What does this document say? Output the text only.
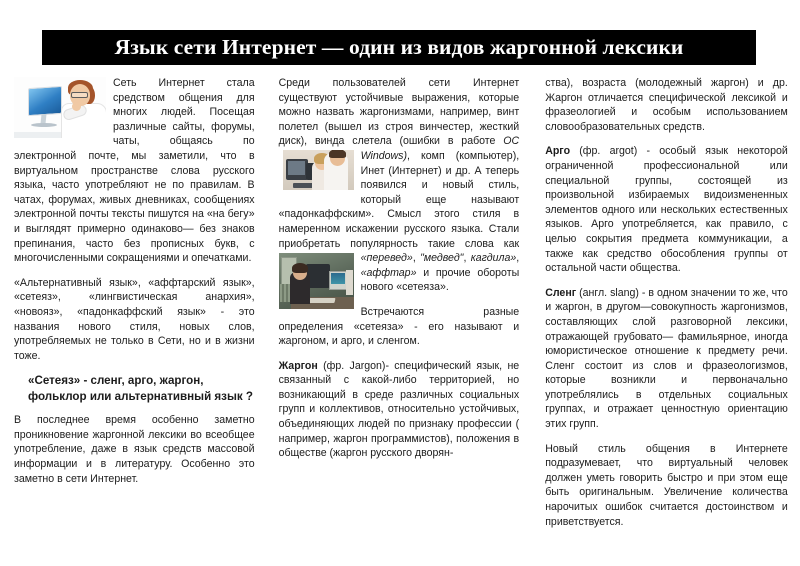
Язык сети Интернет — один из видов жаргонной лексики

Сеть Интернет стала средством общения для многих людей. Посещая различные сайты, форумы, чаты, общаясь по электронной почте, мы заметили, что в виртуальном пространстве слова русского языка, часто употребляют не по правилам. В чатах, форумах, живых дневниках, сообщениях электронной почты тексты пишутся на «на бегу» и выглядят примерно одинаково— без знаков препинания, часто без прописных букв, с многочисленными сокращениями и опечатками.

«Альтернативный язык», «аффтарский язык», «сетеяз», «лингвистическая анархия», «новояз», «падонкаффский язык» - это названия нового стиля, новых слов, употребляемых не только в Сети, но и в жизни тоже.

«Сетеяз» - сленг, арго, жаргон, фольклор или альтернативный язык ?

В последнее время особенно заметно проникновение жаргонной лексики во всеобщее употребление, даже в язык средств массовой информации и в литературу. Особенно это заметно в сети Интернет.

Среди пользователей сети Интернет существуют устойчивые выражения, которые можно назвать жаргонизмами, например, винт полетел (вышел из строя винчестер, жесткий диск), винда слетела (ошибки в работе
ОС Windows), комп (компьютер), Инет (Интернет) и др. А теперь появился и новый стиль, который еще называют «падонкаффским». Смысл этого стиля в намеренном искажении русского языка. Стали приобретать популярность такие слова как
«перевед», "медвед", кагдила», «аффтар» и прочие обороты нового «сетеяза».

Встречаются разные определения «сетеяза» - его называют и жаргоном, и арго, и сленгом.

Жаргон (фр. Jargon)- специфический язык, не связанный с какой-либо территорией, но возникающий в среде различных социальных групп и коллективов, относительно устойчивых, объединяющих людей по признаку профессии ( например, жаргон программистов), положения в обществе (жаргон русского дворян-

ства), возраста (молодежный жаргон) и др. Жаргон отличается специфической лексикой и фразеологией и особым использованием словообразовательных средств.

Арго (фр. argot) - особый язык некоторой ограниченной профессиональной или специальной группы, состоящей из произвольной избираемых видоизмененных элементов одного или нескольких естественных языков. Арго употребляется, как правило, с целью сокрытия предмета коммуникации, а также как средство обособления группы от остальной части общества.

Сленг (англ. slang) - в одном значении то же, что и жаргон, в другом—совокупность жаргонизмов, составляющих слой разговорной лексики, отражающей грубовато— фамильярное, иногда юмористическое отношение к предмету речи. Сленг состоит из слов и фразеологизмов, которые возникли и первоначально употреблялись в отдельных социальных группах, и отражает ценностную ориентацию этих групп.

Новый стиль общения в Интернете подразумевает, что виртуальный человек должен уметь говорить быстро и при этом еще быть оригинальным. Увеличение количества нарочитых ошибок считается достоинством и приветствуется.
